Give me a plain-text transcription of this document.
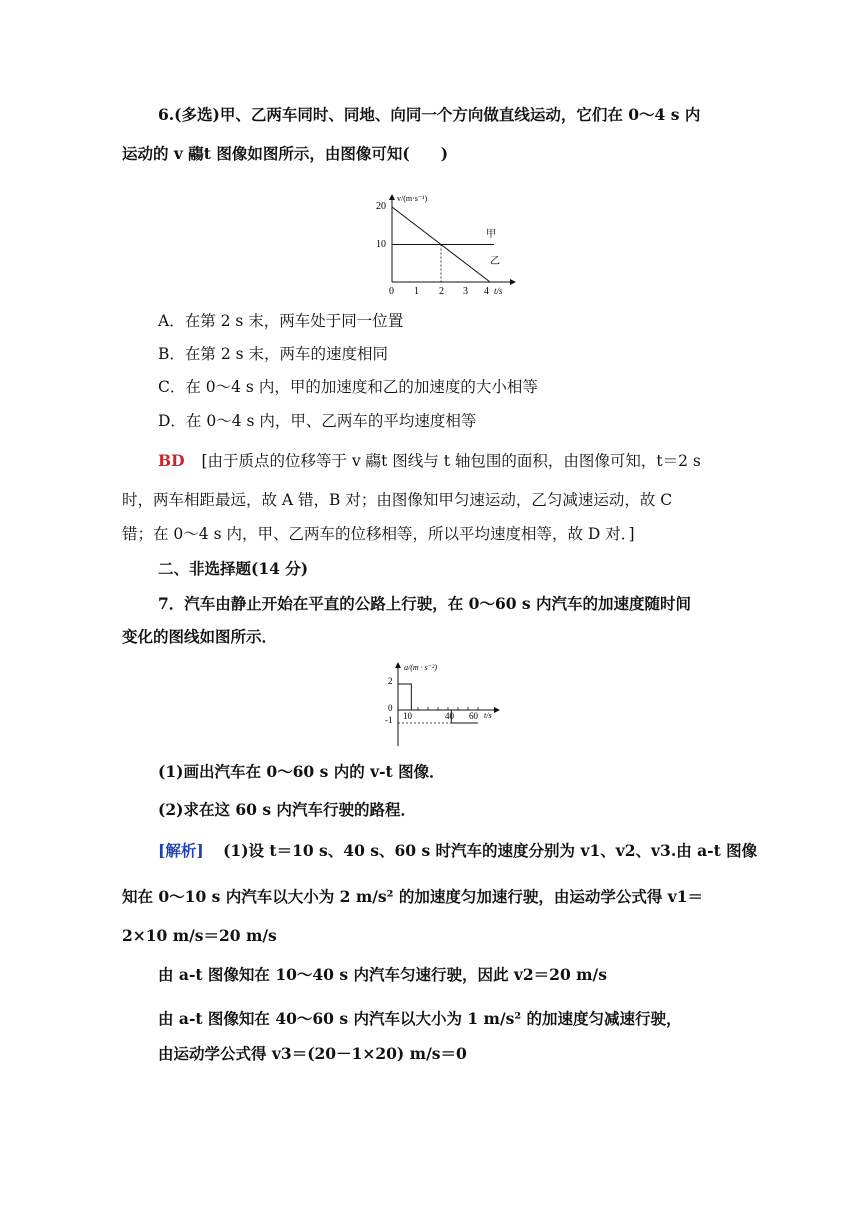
6.(多选)甲、乙两车同时、同地、向同一个方向做直线运动，它们在 0～4 s 内
运动的 v 鬺t 图像如图所示，由图像可知(　　)
v/(m·s⁻¹)
20
10
0 1 2 3 4 t/s
甲
乙
A．在第 2 s 末，两车处于同一位置
B．在第 2 s 末，两车的速度相同
C．在 0～4 s 内，甲的加速度和乙的加速度的大小相等
D．在 0～4 s 内，甲、乙两车的平均速度相等
BD [由于质点的位移等于 v 鬺t 图线与 t 轴包围的面积，由图像可知，t＝2 s
时，两车相距最远，故 A 错，B 对；由图像知甲匀速运动，乙匀减速运动，故 C
错；在 0～4 s 内，甲、乙两车的位移相等，所以平均速度相等，故 D 对．]
二、非选择题(14 分)
7．汽车由静止开始在平直的公路上行驶，在 0～60 s 内汽车的加速度随时间
变化的图线如图所示．
a/(m · s⁻²)
2
0
-1 10	40 60 t/s
(1)画出汽车在 0～60 s 内的 v-t 图像．
(2)求在这 60 s 内汽车行驶的路程．
[解析] (1)设 t＝10 s、40 s、60 s 时汽车的速度分别为 v1、v2、v3.由 a-t 图像
知在 0～10 s 内汽车以大小为 2 m/s² 的加速度匀加速行驶，由运动学公式得 v1＝
2×10 m/s＝20 m/s
由 a-t 图像知在 10～40 s 内汽车匀速行驶，因此 v2＝20 m/s
由 a-t 图像知在 40～60 s 内汽车以大小为 1 m/s² 的加速度匀减速行驶，
由运动学公式得 v3＝(20－1×20) m/s＝0
